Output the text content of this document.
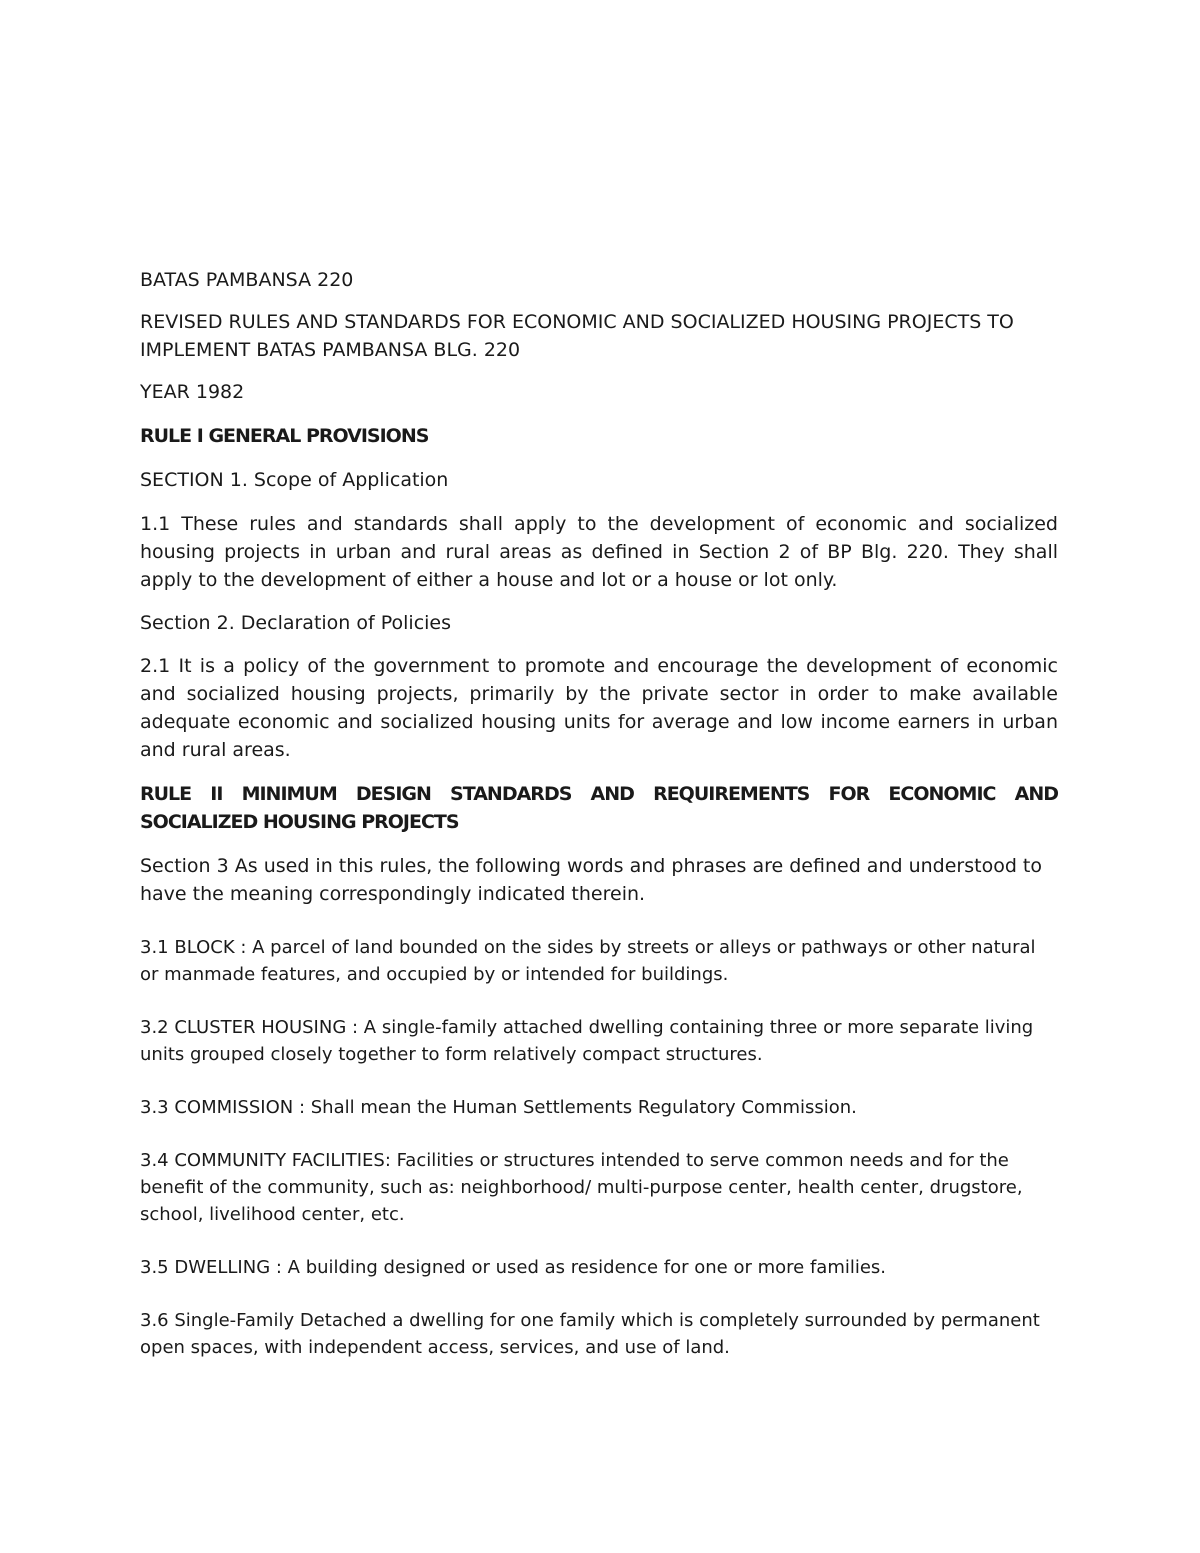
BATAS PAMBANSA 220

REVISED RULES AND STANDARDS FOR ECONOMIC AND SOCIALIZED HOUSING PROJECTS TO IMPLEMENT BATAS PAMBANSA BLG. 220

YEAR 1982

RULE I GENERAL PROVISIONS

SECTION 1. Scope of Application

1.1 These rules and standards shall apply to the development of economic and socialized housing projects in urban and rural areas as defined in Section 2 of BP Blg. 220. They shall apply to the development of either a house and lot or a house or lot only.

Section 2. Declaration of Policies

2.1 It is a policy of the government to promote and encourage the development of economic and socialized housing projects, primarily by the private sector in order to make available adequate economic and socialized housing units for average and low income earners in urban and rural areas.

RULE II MINIMUM DESIGN STANDARDS AND REQUIREMENTS FOR ECONOMIC AND SOCIALIZED HOUSING PROJECTS

Section 3 As used in this rules, the following words and phrases are defined and understood to have the meaning correspondingly indicated therein.

3.1 BLOCK : A parcel of land bounded on the sides by streets or alleys or pathways or other natural or manmade features, and occupied by or intended for buildings.

3.2 CLUSTER HOUSING : A single-family attached dwelling containing three or more separate living units grouped closely together to form relatively compact structures.

3.3 COMMISSION : Shall mean the Human Settlements Regulatory Commission.

3.4 COMMUNITY FACILITIES: Facilities or structures intended to serve common needs and for the benefit of the community, such as: neighborhood/ multi-purpose center, health center, drugstore, school, livelihood center, etc.

3.5 DWELLING : A building designed or used as residence for one or more families.

3.6 Single-Family Detached a dwelling for one family which is completely surrounded by permanent open spaces, with independent access, services, and use of land.
